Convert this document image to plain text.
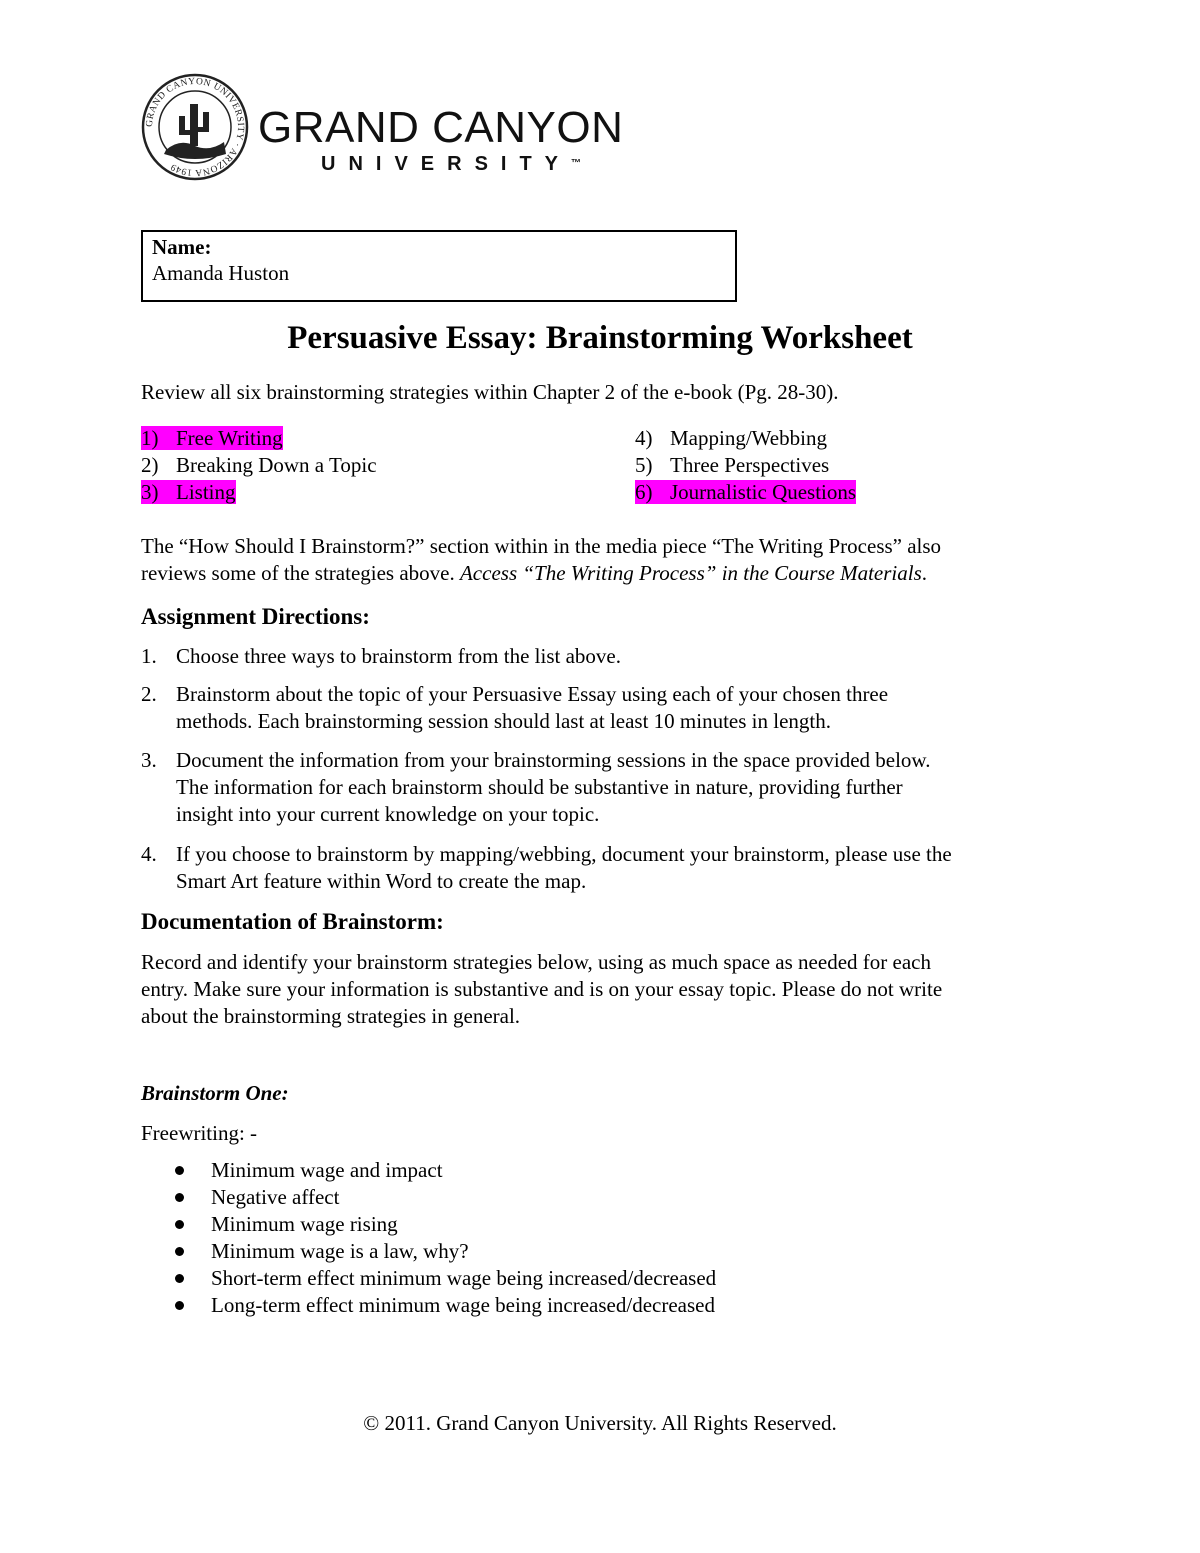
GRAND CANYON UNIVERSITY · ARIZONA 1949
GRAND CANYON
UNIVERSITY™
Name:
Amanda Huston
Persuasive Essay: Brainstorming Worksheet
Review all six brainstorming strategies within Chapter 2 of the e-book (Pg. 28-30).
1) Free Writing
2) Breaking Down a Topic
3) Listing
4) Mapping/Webbing
5) Three Perspectives
6) Journalistic Questions
The “How Should I Brainstorm?” section within in the media piece “The Writing Process” also
reviews some of the strategies above. Access “The Writing Process” in the Course Materials.
Assignment Directions:
1. Choose three ways to brainstorm from the list above.
2. Brainstorm about the topic of your Persuasive Essay using each of your chosen three
methods. Each brainstorming session should last at least 10 minutes in length.
3. Document the information from your brainstorming sessions in the space provided below.
The information for each brainstorm should be substantive in nature, providing further
insight into your current knowledge on your topic.
4. If you choose to brainstorm by mapping/webbing, document your brainstorm, please use the
Smart Art feature within Word to create the map.
Documentation of Brainstorm:
Record and identify your brainstorm strategies below, using as much space as needed for each
entry. Make sure your information is substantive and is on your essay topic. Please do not write
about the brainstorming strategies in general.
Brainstorm One:
Freewriting: -
Minimum wage and impact
Negative affect
Minimum wage rising
Minimum wage is a law, why?
Short-term effect minimum wage being increased/decreased
Long-term effect minimum wage being increased/decreased
© 2011. Grand Canyon University. All Rights Reserved.
